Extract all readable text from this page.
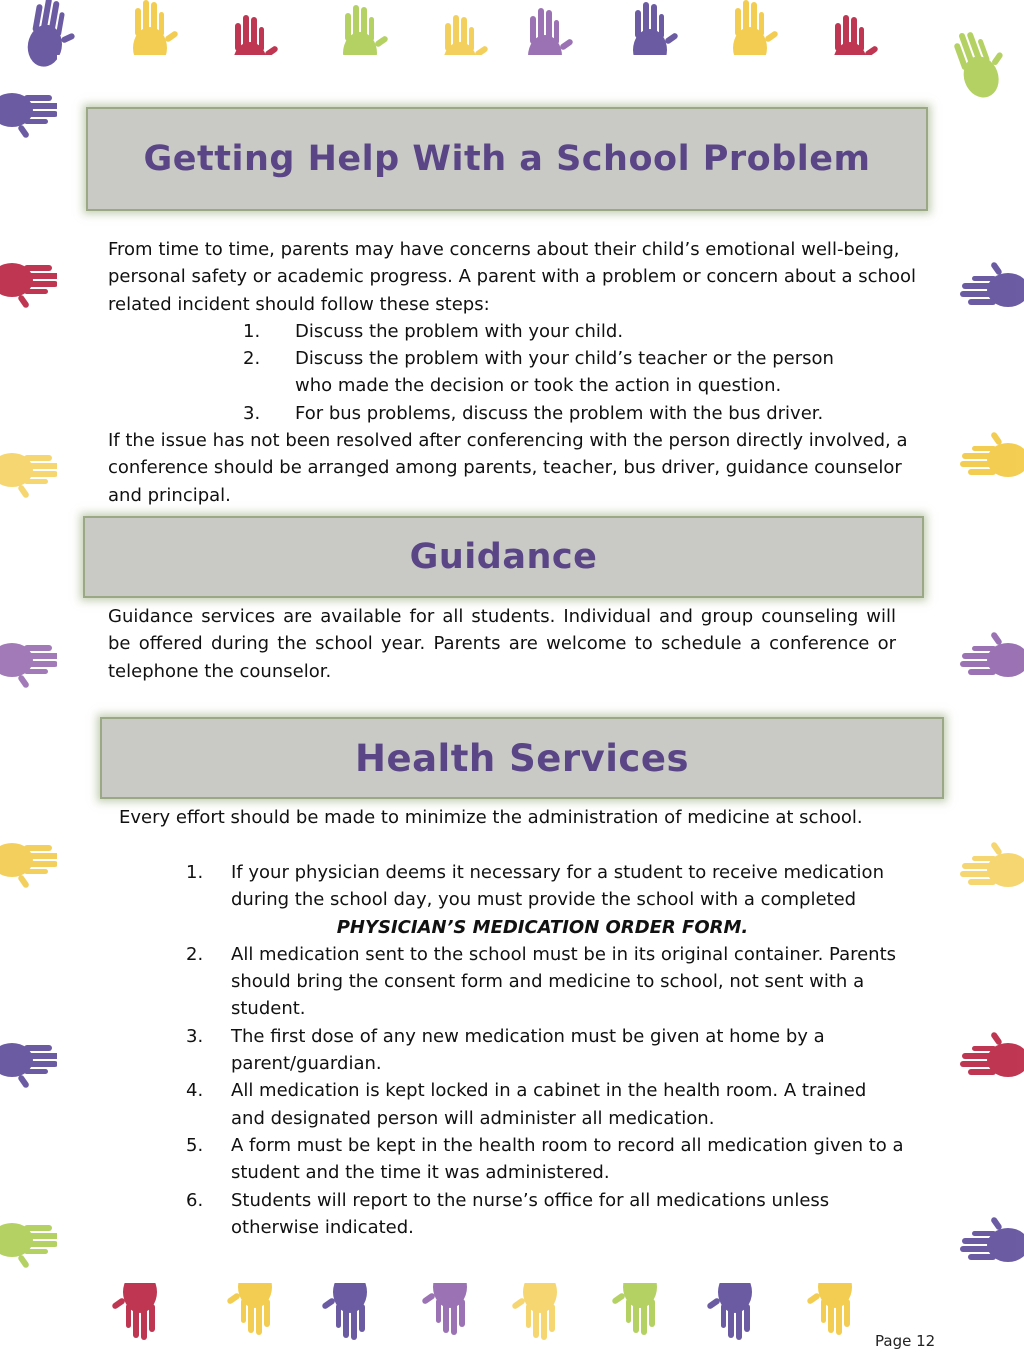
Getting Help With a School Problem
From time to time, parents may have concerns about their child’s emotional well-being, personal safety or academic progress. A parent with a problem or concern about a school related incident should follow these steps:
1.	Discuss the problem with your child.
2.	Discuss the problem with your child’s teacher or the person who made the decision or took the action in question.
3.	For bus problems, discuss the problem with the bus driver.
If the issue has not been resolved after conferencing with the person directly involved, a conference should be arranged among parents, teacher, bus driver, guidance counselor and principal.
Guidance
Guidance services are available for all students. Individual and group counseling will be offered during the school year. Parents are welcome to schedule a conference or telephone the counselor.
Health Services
Every effort should be made to minimize the administration of medicine at school.
1.	If your physician deems it necessary for a student to receive medication during the school day, you must provide the school with a completed
PHYSICIAN’S MEDICATION ORDER FORM.
2.	All medication sent to the school must be in its original container. Parents should bring the consent form and medicine to school, not sent with a student.
3.	The first dose of any new medication must be given at home by a parent/guardian.
4.	All medication is kept locked in a cabinet in the health room. A trained and designated person will administer all medication.
5.	A form must be kept in the health room to record all medication given to a student and the time it was administered.
6.	Students will report to the nurse’s office for all medications unless otherwise indicated.
Page 12
